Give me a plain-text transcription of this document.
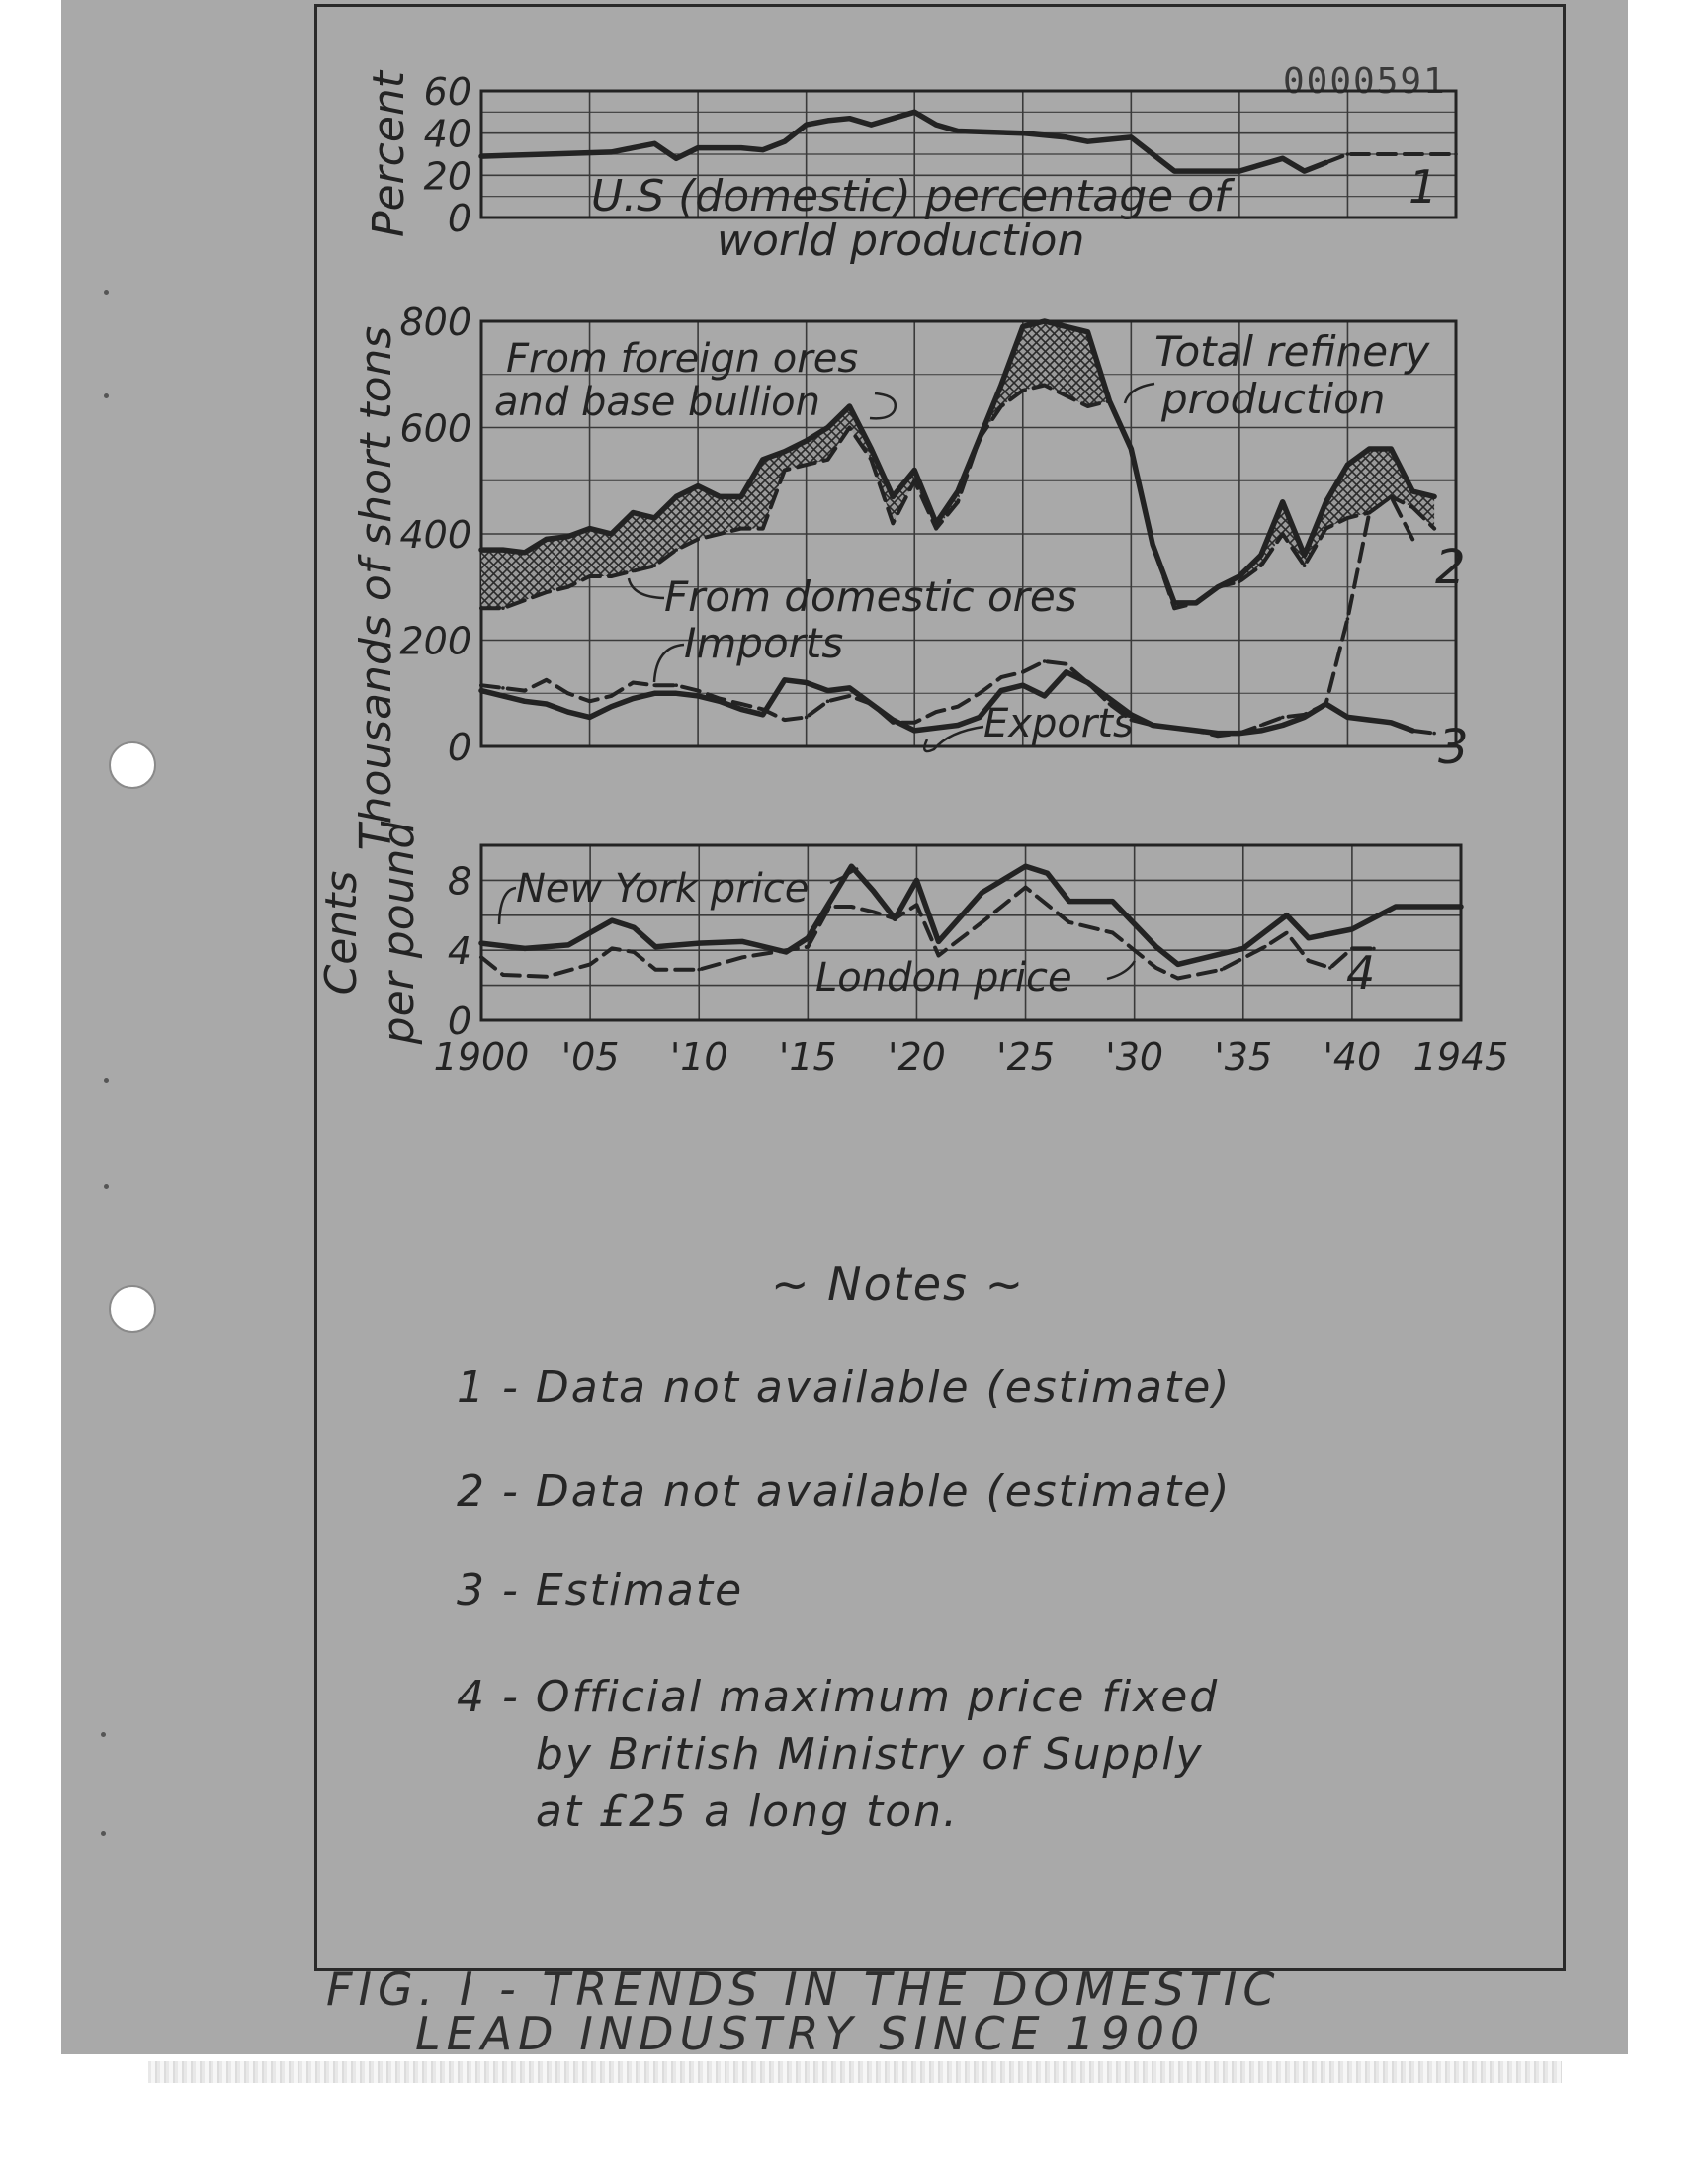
0000591
0
20
40
60
Percent	U.S (domestic) percentage of
world production
1
0
200
400
600
800
Thousands of short tons	From foreign ores
and base bullion
Total refinery
production
From domestic ores
Imports
Exports
2
3
0
4
8
Cents per pound
1900 '05 '10 '15 '20 '25 '30 '35 '40 1945
New York price
London price	4
~ Notes ~
1 - Data not available (estimate)
2 - Data not available (estimate)
3 - Estimate
4 - Official maximum price fixed
by British Ministry of Supply
at £25 a long ton.
FIG. I - TRENDS IN THE DOMESTIC
LEAD INDUSTRY SINCE 1900
